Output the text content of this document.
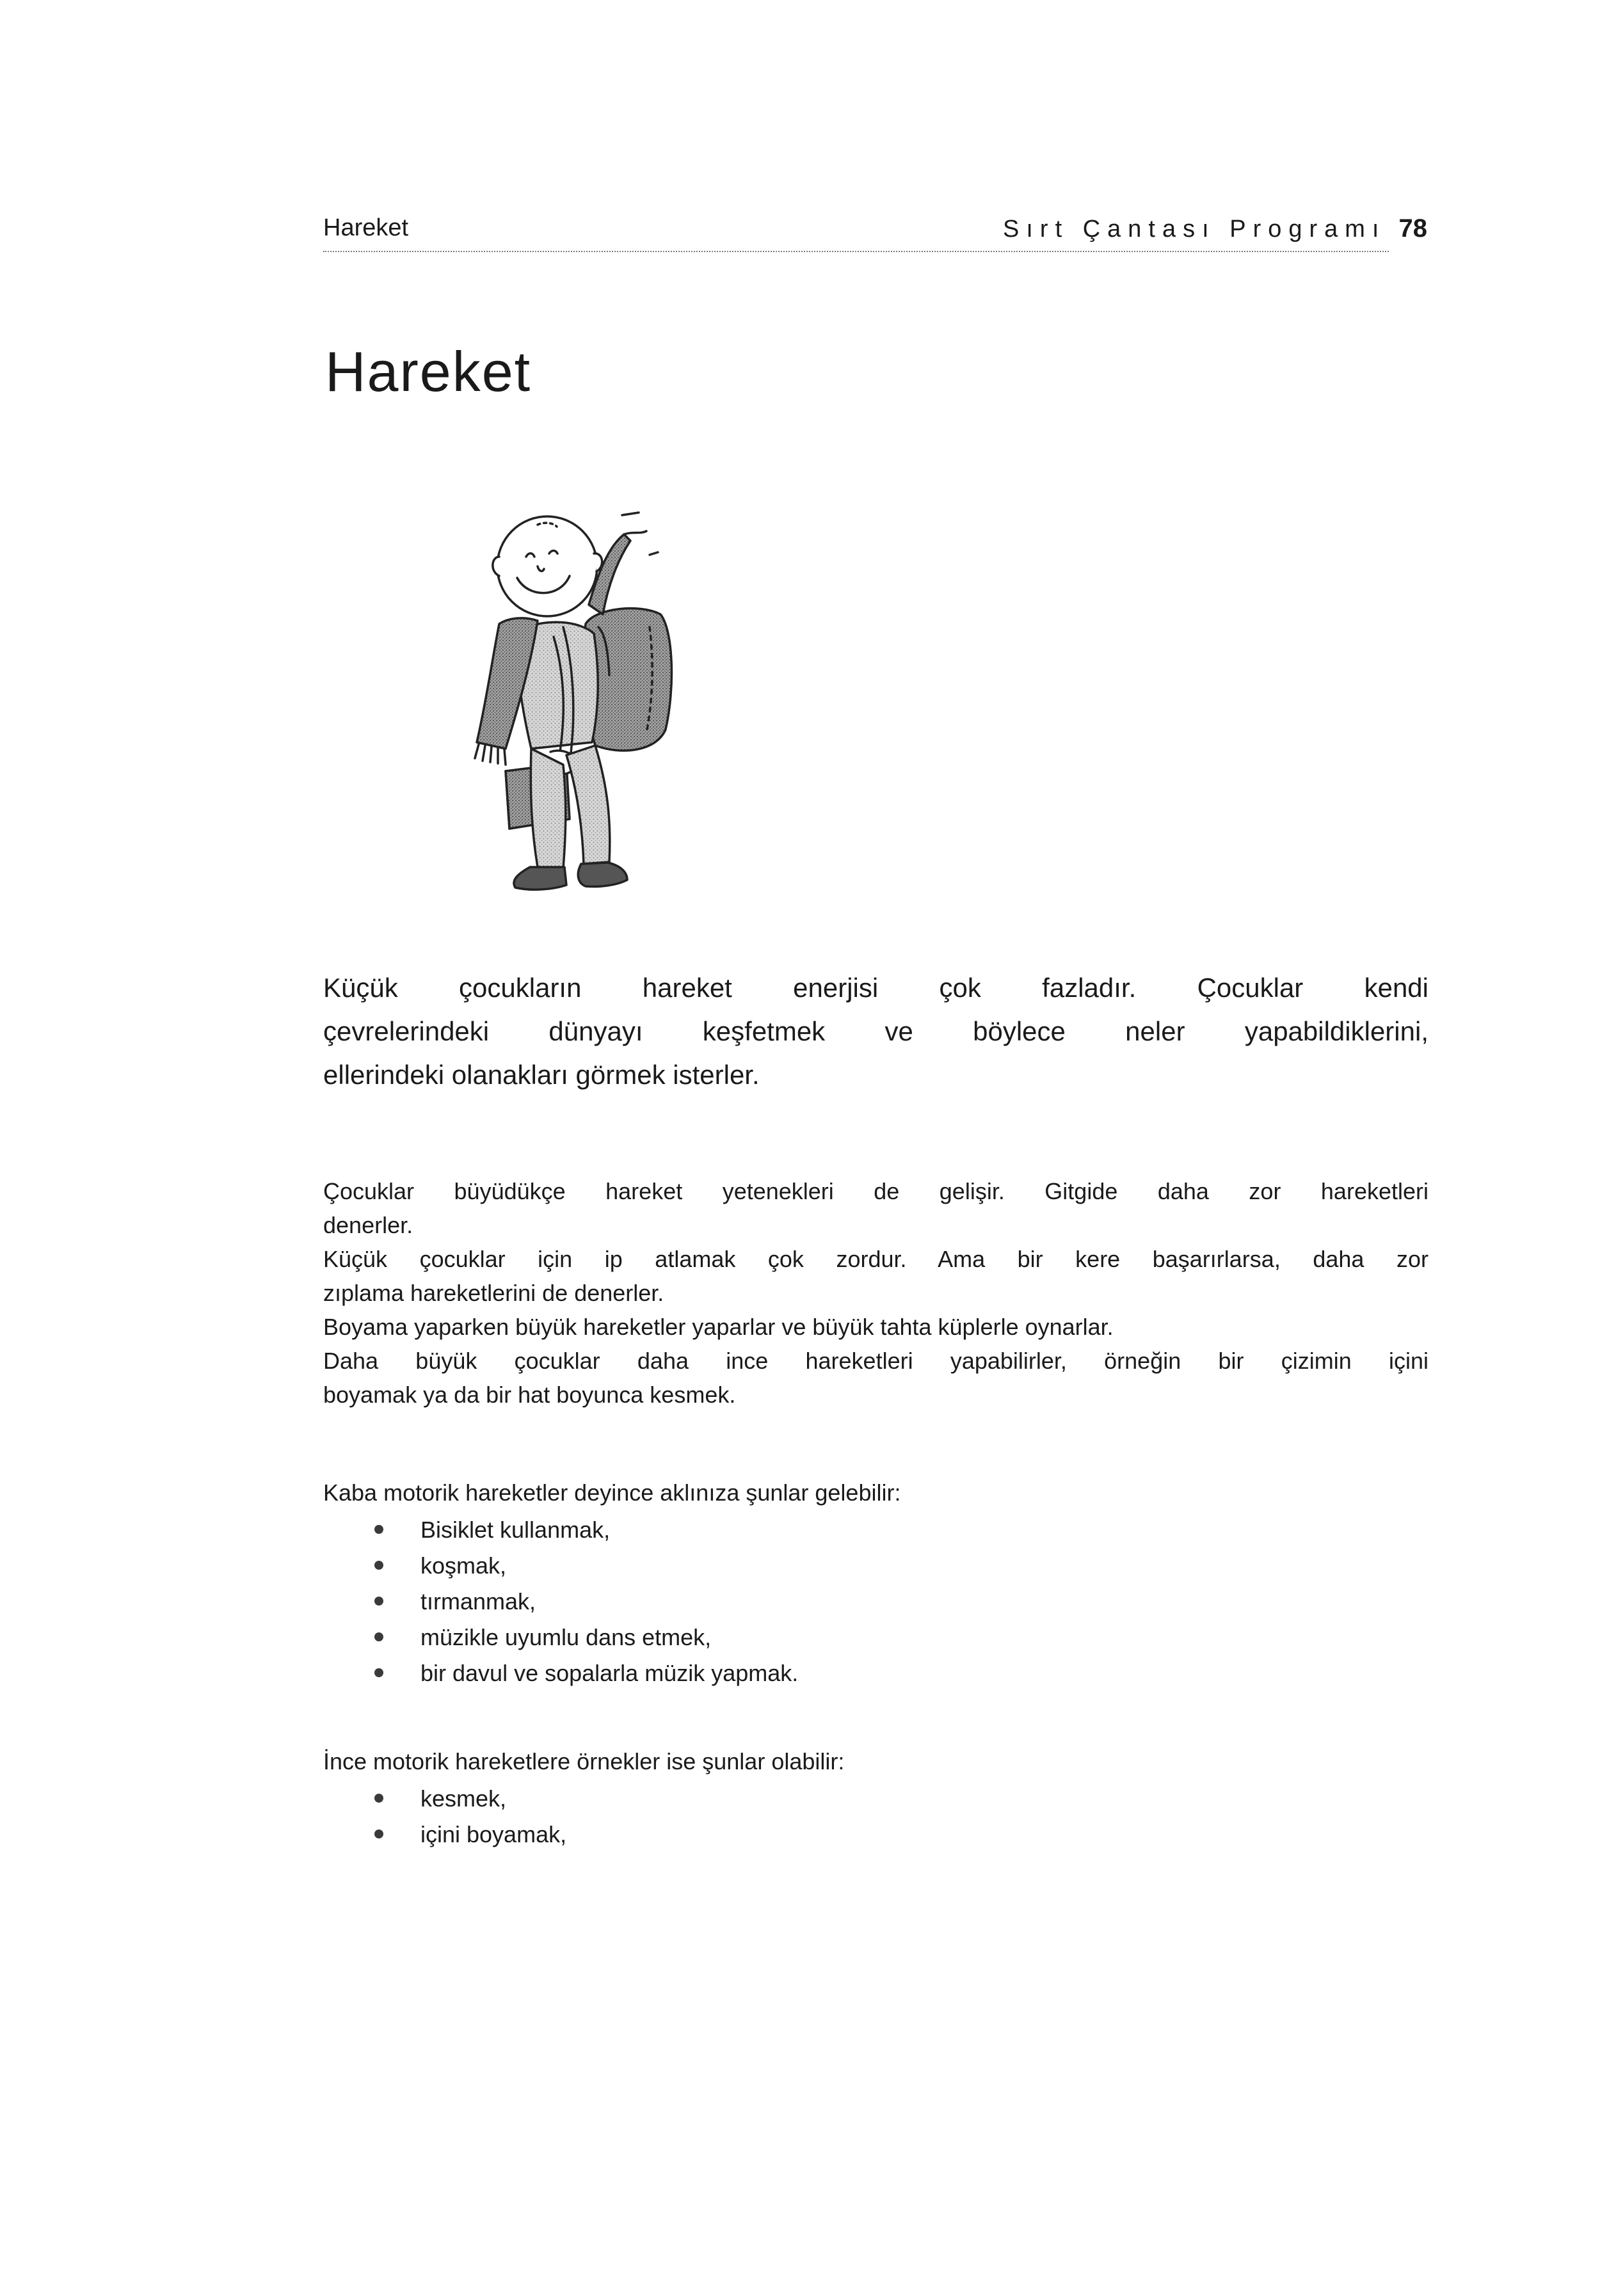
Hareket	Sırt Çantası Programı 78
Hareket
Küçük çocukların hareket enerjisi çok fazladır. Çocuklar kendi
çevrelerindeki dünyayı keşfetmek ve böylece neler yapabildiklerini,
ellerindeki olanakları görmek isterler.

Çocuklar büyüdükçe hareket yetenekleri de gelişir. Gitgide daha zor hareketleri
denerler.

Küçük çocuklar için ip atlamak çok zordur. Ama bir kere başarırlarsa, daha zor
zıplama hareketlerini de denerler.

Boyama yaparken büyük hareketler yaparlar ve büyük tahta küplerle oynarlar.

Daha büyük çocuklar daha ince hareketleri yapabilirler, örneğin bir çizimin içini
boyamak ya da bir hat boyunca kesmek.

Kaba motorik hareketler deyince aklınıza şunlar gelebilir:

Bisiklet kullanmak,
koşmak,
tırmanmak,
müzikle uyumlu dans etmek,
bir davul ve sopalarla müzik yapmak.

İnce motorik hareketlere örnekler ise şunlar olabilir:

kesmek,
içini boyamak,
